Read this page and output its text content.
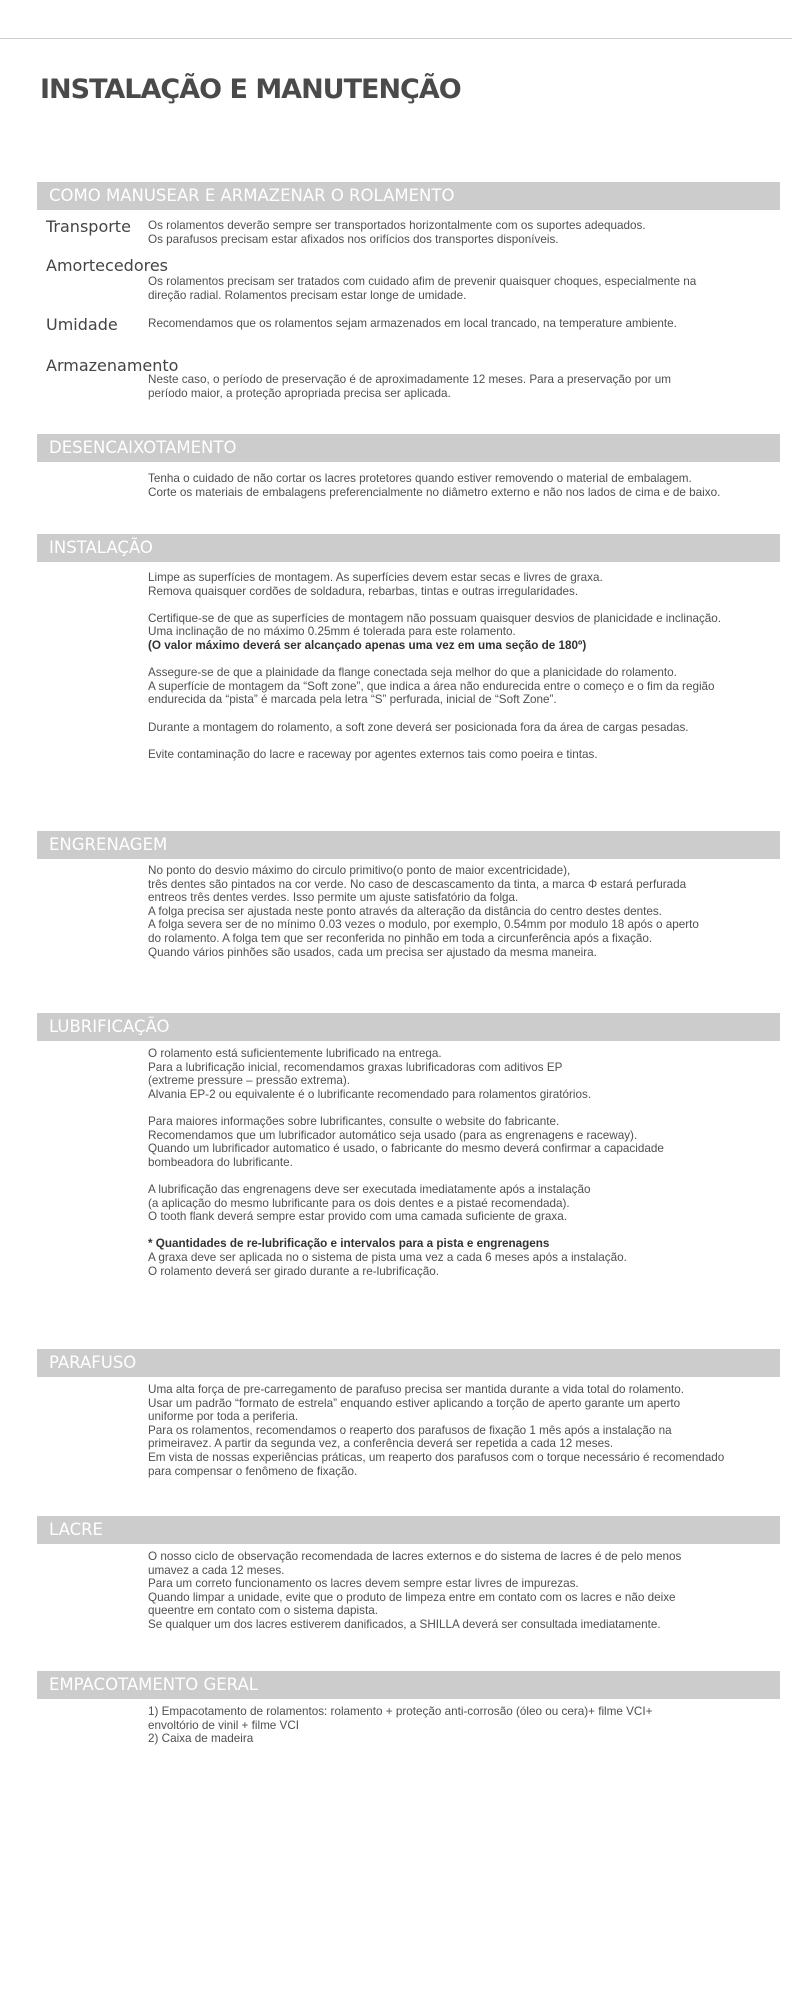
INSTALAÇÃO E MANUTENÇÃO
COMO MANUSEAR E ARMAZENAR O ROLAMENTO
Transporte Os rolamentos deverão sempre ser transportados horizontalmente com os suportes adequados.
Os parafusos precisam estar afixados nos orifícios dos transportes disponíveis.
Amortecedores
Os rolamentos precisam ser tratados com cuidado afim de prevenir quaisquer choques, especialmente na
direção radial. Rolamentos precisam estar longe de umidade.
Umidade	Recomendamos que os rolamentos sejam armazenados em local trancado, na temperature ambiente.
Armazenamento
Neste caso, o período de preservação é de aproximadamente 12 meses. Para a preservação por um
período maior, a proteção apropriada precisa ser aplicada.
DESENCAIXOTAMENTO

Tenha o cuidado de não cortar os lacres protetores quando estiver removendo o material de embalagem.
Corte os materiais de embalagens preferencialmente no diâmetro externo e não nos lados de cima e de baixo.

INSTALAÇÃO

Limpe as superfícies de montagem. As superfícies devem estar secas e livres de graxa.
Remova quaisquer cordões de soldadura, rebarbas, tintas e outras irregularidades.

Certifique-se de que as superfícies de montagem não possuam quaisquer desvios de planicidade e inclinação.
Uma inclinação de no máximo 0.25mm é tolerada para este rolamento.

(O valor máximo deverá ser alcançado apenas uma vez em uma seção de 180º)

Assegure-se de que a plainidade da flange conectada seja melhor do que a planicidade do rolamento.
A superfície de montagem da “Soft zone”, que indica a área não endurecida entre o começo e o fim da região
endurecida da “pista” é marcada pela letra “S” perfurada, inicial de “Soft Zone”.

Durante a montagem do rolamento, a soft zone deverá ser posicionada fora da área de cargas pesadas.

Evite contaminação do lacre e raceway por agentes externos tais como poeira e tintas.

ENGRENAGEM

No ponto do desvio máximo do circulo primitivo(o ponto de maior excentricidade),
três dentes são pintados na cor verde. No caso de descascamento da tinta, a marca Φ estará perfurada
entreos três dentes verdes. Isso permite um ajuste satisfatório da folga.
A folga precisa ser ajustada neste ponto através da alteração da distância do centro destes dentes.
A folga severa ser de no mínimo 0.03 vezes o modulo, por exemplo, 0.54mm por modulo 18 após o aperto
do rolamento. A folga tem que ser reconferida no pinhão em toda a circunferência após a fixação.
Quando vários pinhões são usados, cada um precisa ser ajustado da mesma maneira.

LUBRIFICAÇÃO

O rolamento está suficientemente lubrificado na entrega.
Para a lubrificação inicial, recomendamos graxas lubrificadoras com aditivos EP
(extreme pressure – pressão extrema).
Alvania EP-2 ou equivalente é o lubrificante recomendado para rolamentos giratórios.

Para maiores informações sobre lubrificantes, consulte o website do fabricante.
Recomendamos que um lubrificador automático seja usado (para as engrenagens e raceway).
Quando um lubrificador automatico é usado, o fabricante do mesmo deverá confirmar a capacidade
bombeadora do lubrificante.

A lubrificação das engrenagens deve ser executada imediatamente após a instalação
(a aplicação do mesmo lubrificante para os dois dentes e a pistaé recomendada).
O tooth flank deverá sempre estar provido com uma camada suficiente de graxa.

* Quantidades de re-lubrificação e intervalos para a pista e engrenagens

A graxa deve ser aplicada no o sistema de pista uma vez a cada 6 meses após a instalação.
O rolamento deverá ser girado durante a re-lubrificação.

PARAFUSO

Uma alta força de pre-carregamento de parafuso precisa ser mantida durante a vida total do rolamento.
Usar um padrão “formato de estrela” enquando estiver aplicando a torção de aperto garante um aperto
uniforme por toda a periferia.
Para os rolamentos, recomendamos o reaperto dos parafusos de fixação 1 mês após a instalação na
primeiravez. A partir da segunda vez, a conferência deverá ser repetida a cada 12 meses.
Em vista de nossas experiências práticas, um reaperto dos parafusos com o torque necessário é recomendado
para compensar o fenômeno de fixação.

LACRE

O nosso ciclo de observação recomendada de lacres externos e do sistema de lacres é de pelo menos
umavez a cada 12 meses.
Para um correto funcionamento os lacres devem sempre estar livres de impurezas.
Quando limpar a unidade, evite que o produto de limpeza entre em contato com os lacres e não deixe
queentre em contato com o sistema dapista.
Se qualquer um dos lacres estiverem danificados, a SHILLA deverá ser consultada imediatamente.

EMPACOTAMENTO GERAL

1) Empacotamento de rolamentos: rolamento + proteção anti-corrosão (óleo ou cera)+ filme VCI+
envoltório de vinil + filme VCI
2) Caixa de madeira
